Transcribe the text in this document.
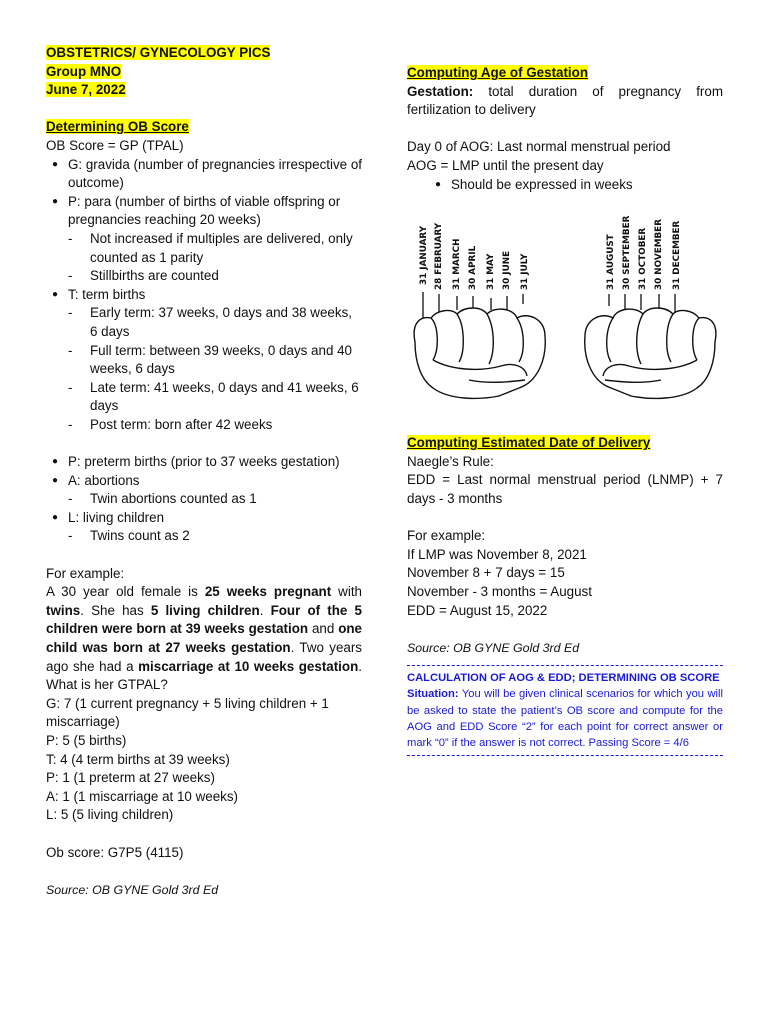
OBSTETRICS/ GYNECOLOGY PICS
Group MNO
June 7, 2022
Determining OB Score
OB Score = GP (TPAL)
● G: gravida (number of pregnancies irrespective of outcome)
● P: para (number of births of viable offspring or pregnancies reaching 20 weeks)
- Not increased if multiples are delivered, only counted as 1 parity
- Stillbirths are counted
● T: term births
- Early term: 37 weeks, 0 days and 38 weeks, 6 days
- Full term: between 39 weeks, 0 days and 40 weeks, 6 days
- Late term: 41 weeks, 0 days and 41 weeks, 6 days
- Post term: born after 42 weeks
● P: preterm births (prior to 37 weeks gestation)
● A: abortions
- Twin abortions counted as 1
● L: living children
- Twins count as 2
For example:
A 30 year old female is 25 weeks pregnant with twins. She has 5 living children. Four of the 5 children were born at 39 weeks gestation and one child was born at 27 weeks gestation. Two years ago she had a miscarriage at 10 weeks gestation. What is her GTPAL?
G: 7 (1 current pregnancy + 5 living children + 1 miscarriage)
P: 5 (5 births)
T: 4 (4 term births at 39 weeks)
P: 1 (1 preterm at 27 weeks)
A: 1 (1 miscarriage at 10 weeks)
L: 5 (5 living children)
Ob score: G7P5 (4115)
Source: OB GYNE Gold 3rd Ed
Computing Age of Gestation
Gestation: total duration of pregnancy from fertilization to delivery
Day 0 of AOG: Last normal menstrual period
AOG = LMP until the present day
● Should be expressed in weeks
31 JANUARY 28 FEBRUARY 31 MARCH 30 APRIL 31 MAY 30 JUNE 31 JULY	31 AUGUST 30 SEPTEMBER 31 OCTOBER 30 NOVEMBER 31 DECEMBER
Computing Estimated Date of Delivery
Naegle’s Rule:
EDD = Last normal menstrual period (LNMP) + 7 days - 3 months
For example:
If LMP was November 8, 2021
November 8 + 7 days = 15
November - 3 months = August
EDD = August 15, 2022
Source: OB GYNE Gold 3rd Ed
CALCULATION OF AOG & EDD; DETERMINING OB SCORE
Situation: You will be given clinical scenarios for which you will be asked to state the patient’s OB score and compute for the AOG and EDD Score “2” for each point for correct answer or mark “0” if the answer is not correct. Passing Score = 4/6
